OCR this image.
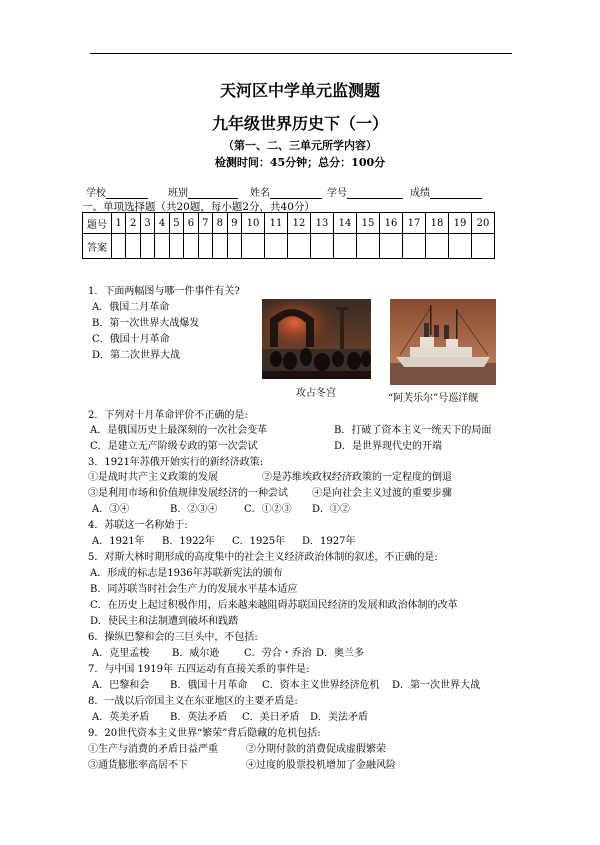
天河区中学单元监测题
九年级世界历史下（一）
（第一、二、三单元所学内容）
检测时间：45分钟；总分：100分
学校	班别	姓名	学号	成绩
一、单项选择题（共20题，每小题2分，共40分）
题号	1	2	3	4	5	6	7	8	9	10	11	12	13	14	15	16	17	18	19	20
答案																				
1．下面两幅图与哪一件事件有关?
A．俄国二月革命
B．第一次世界大战爆发
C．俄国十月革命
D．第二次世界大战
攻占冬宫	“阿芙乐尔”号巡洋舰
2．下列对十月革命评价不正确的是:
A．是俄国历史上最深刻的一次社会变革	B．打破了资本主义一统天下的局面
C．是建立无产阶级专政的第一次尝试	D．是世界现代史的开端
3．1921年苏俄开始实行的新经济政策:
①是战时共产主义政策的发展	②是苏维埃政权经济政策的一定程度的倒退
③是利用市场和价值规律发展经济的一种尝试 ④是向社会主义过渡的重要步骤
A．③④	B．②③④	C．①②③ D．①②
4．苏联这一名称始于:
A．1921年 B．1922年 C．1925年 D．1927年
5．对斯大林时期形成的高度集中的社会主义经济政治体制的叙述，不正确的是:
A．形成的标志是1936年苏联新宪法的颁布
B．同苏联当时社会生产力的发展水平基本适应
C．在历史上起过积极作用，后来越来越阻碍苏联国民经济的发展和政治体制的改革
D．使民主和法制遭到破坏和践踏
6．操纵巴黎和会的三巨头中，不包括:
A．克里孟梭 B．威尔逊 C．劳合・乔治 D．奥兰多
7．与中国 1919年 五四运动有直接关系的事件是:
A．巴黎和会 B．俄国十月革命 C．资本主义世界经济危机 D．第一次世界大战
8．一战以后帝国主义在东亚地区的主要矛盾是:
A．英美矛盾 B．英法矛盾 C．美日矛盾 D．美法矛盾
9．20世代资本主义世界“繁荣”背后隐藏的危机包括:
①生产与消费的矛盾日益严重	②分期付款的消费促成虚假繁荣
③通货膨胀率高居不下	④过度的股票投机增加了金融风险
